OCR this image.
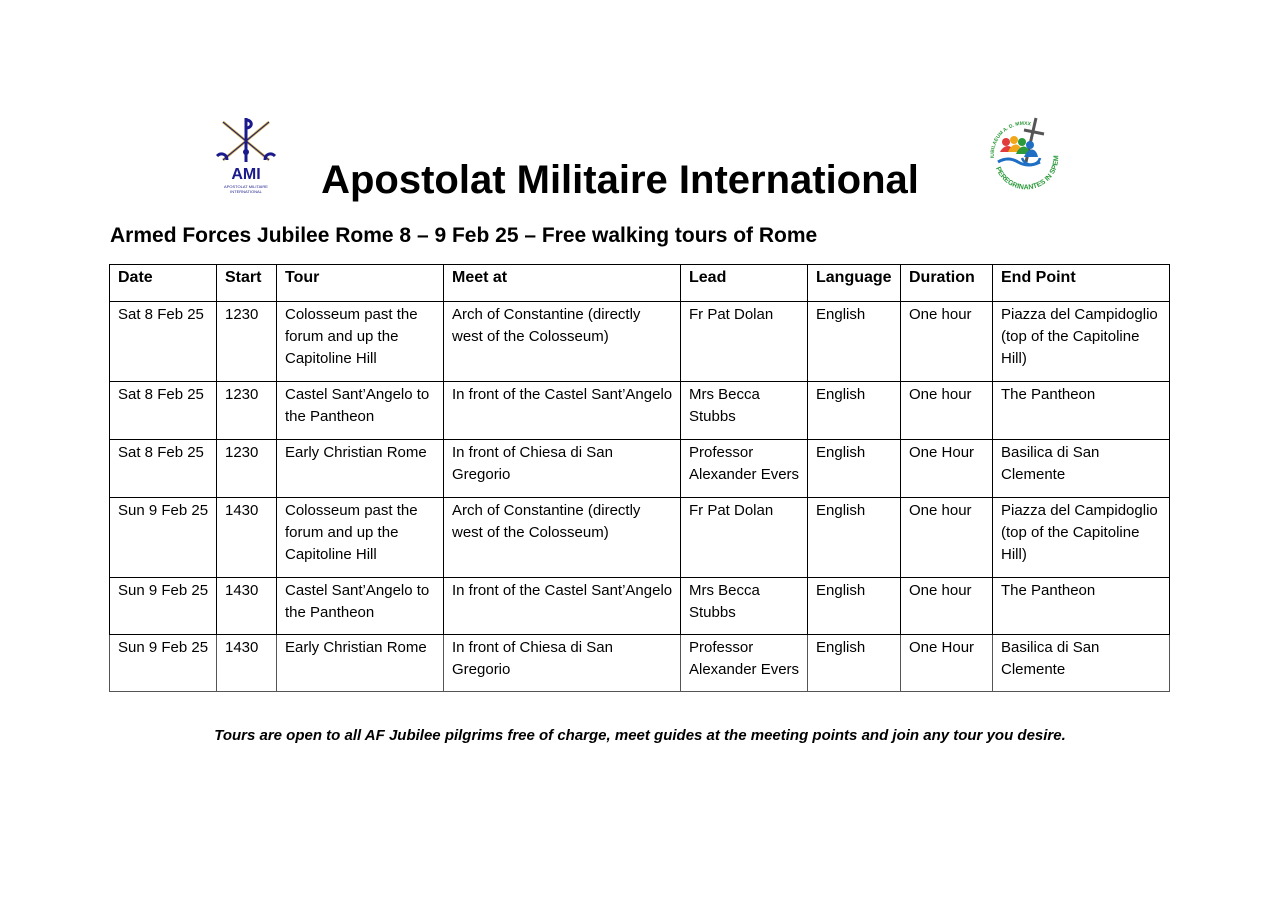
AMI
APOSTOLAT MILITAIRE
INTERNATIONAL
IUBILAEUM A. D. MMXX
PEREGRINANTES IN SPEM
Apostolat Militaire International
Armed Forces Jubilee Rome 8 – 9 Feb 25 – Free walking tours of Rome
Date	Start	Tour	Meet at	Lead	Language	Duration	End Point
Sat 8 Feb 25	1230	Colosseum past the forum and up the Capitoline Hill	Arch of Constantine (directly west of the Colosseum)	Fr Pat Dolan	English	One hour	Piazza del Campidoglio (top of the Capitoline Hill)
Sat 8 Feb 25	1230	Castel Sant’Angelo to the Pantheon	In front of the Castel Sant’Angelo	Mrs Becca Stubbs	English	One hour	The Pantheon
Sat 8 Feb 25	1230	Early Christian Rome	In front of Chiesa di San Gregorio	Professor Alexander Evers	English	One Hour	Basilica di San Clemente
Sun 9 Feb 25	1430	Colosseum past the forum and up the Capitoline Hill	Arch of Constantine (directly west of the Colosseum)	Fr Pat Dolan	English	One hour	Piazza del Campidoglio (top of the Capitoline Hill)
Sun 9 Feb 25	1430	Castel Sant’Angelo to the Pantheon	In front of the Castel Sant’Angelo	Mrs Becca Stubbs	English	One hour	The Pantheon
Sun 9 Feb 25	1430	Early Christian Rome	In front of Chiesa di San Gregorio	Professor Alexander Evers	English	One Hour	Basilica di San Clemente

Tours are open to all AF Jubilee pilgrims free of charge, meet guides at the meeting points and join any tour you desire.
